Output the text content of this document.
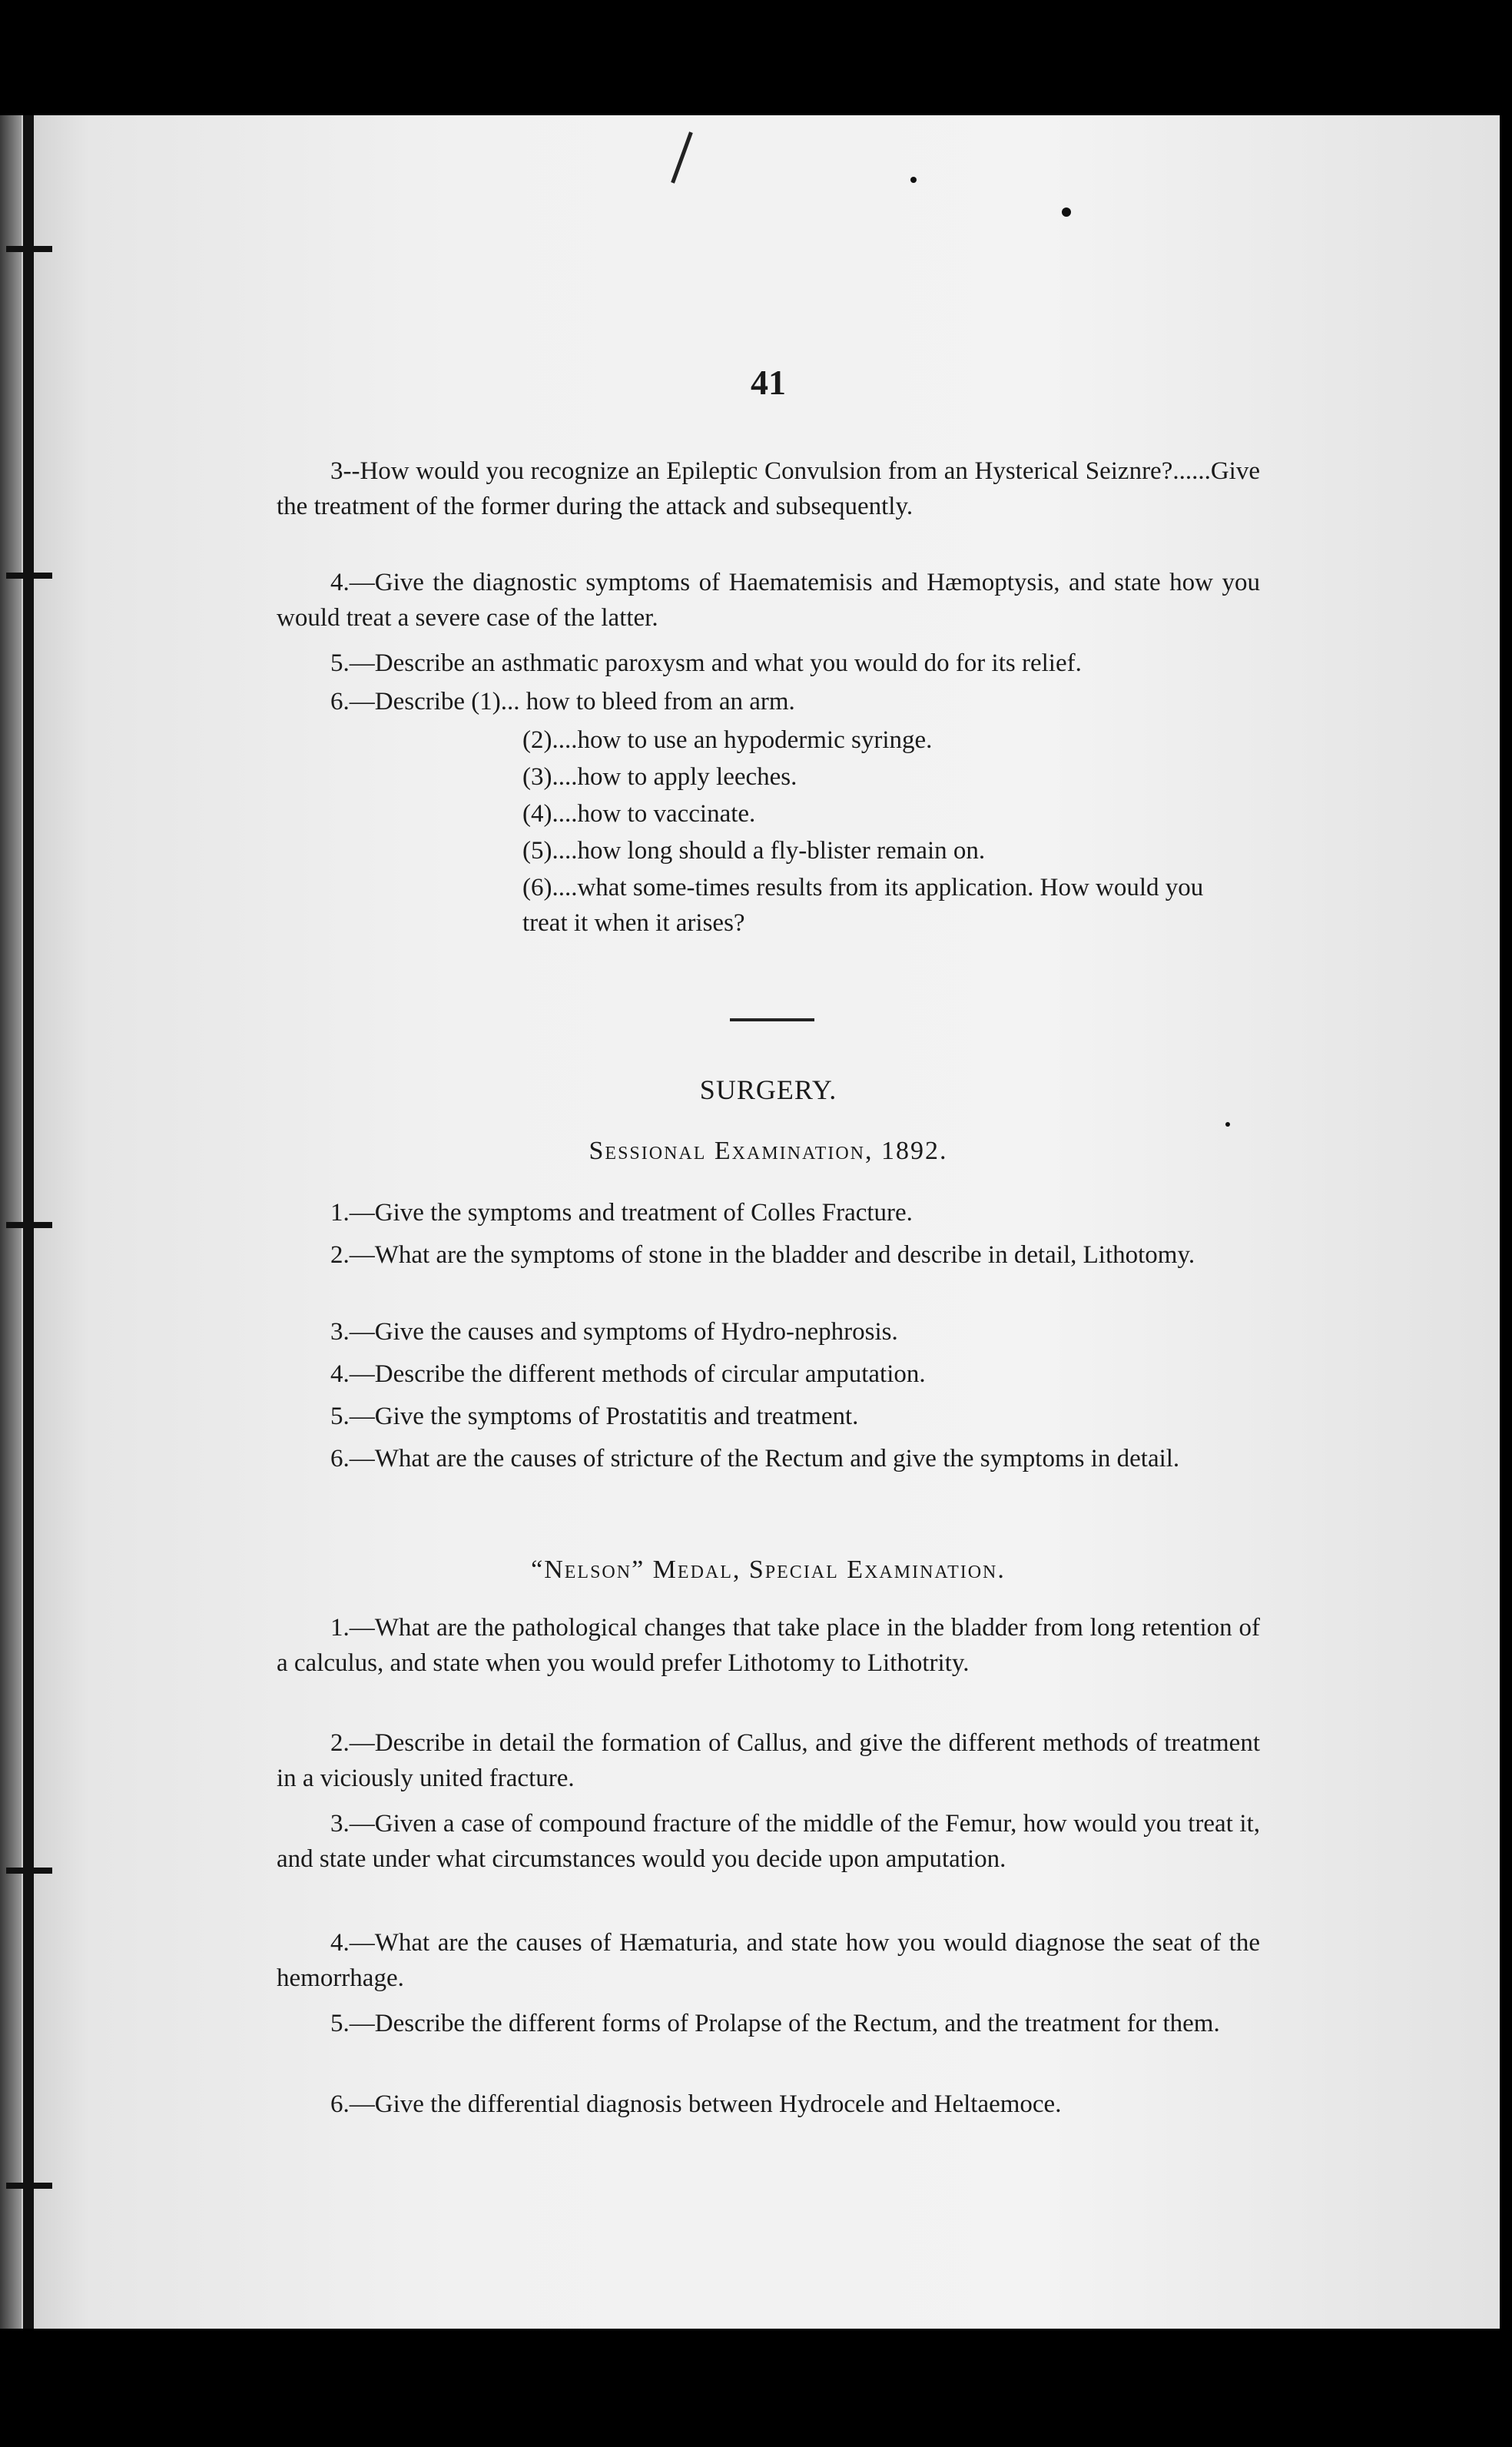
41
3--How would you recognize an Epileptic Convulsion from an Hysterical Seiznre?......Give the treatment of the former during the attack and subsequently.
4.—Give the diagnostic symptoms of Haematemisis and Hæmoptysis, and state how you would treat a severe case of the latter.
5.—Describe an asthmatic paroxysm and what you would do for its relief.
6.—Describe (1)... how to bleed from an arm.
(2)....how to use an hypodermic syringe.
(3)....how to apply leeches.
(4)....how to vaccinate.
(5)....how long should a fly-blister remain on.
(6)....what some-times results from its application. How would you treat it when it arises?
SURGERY.
Sessional Examination, 1892.
1.—Give the symptoms and treatment of Colles Fracture.
2.—What are the symptoms of stone in the bladder and describe in detail, Lithotomy.
3.—Give the causes and symptoms of Hydro-nephrosis.
4.—Describe the different methods of circular amputation.
5.—Give the symptoms of Prostatitis and treatment.
6.—What are the causes of stricture of the Rectum and give the symptoms in detail.
“Nelson” Medal, Special Examination.
1.—What are the pathological changes that take place in the bladder from long retention of a calculus, and state when you would prefer Lithotomy to Lithotrity.
2.—Describe in detail the formation of Callus, and give the different methods of treatment in a viciously united fracture.
3.—Given a case of compound fracture of the middle of the Femur, how would you treat it, and state under what circumstances would you decide upon amputation.
4.—What are the causes of Hæmaturia, and state how you would diagnose the seat of the hemorrhage.
5.—Describe the different forms of Prolapse of the Rectum, and the treatment for them.
6.—Give the differential diagnosis between Hydrocele and Heltaemoce.
